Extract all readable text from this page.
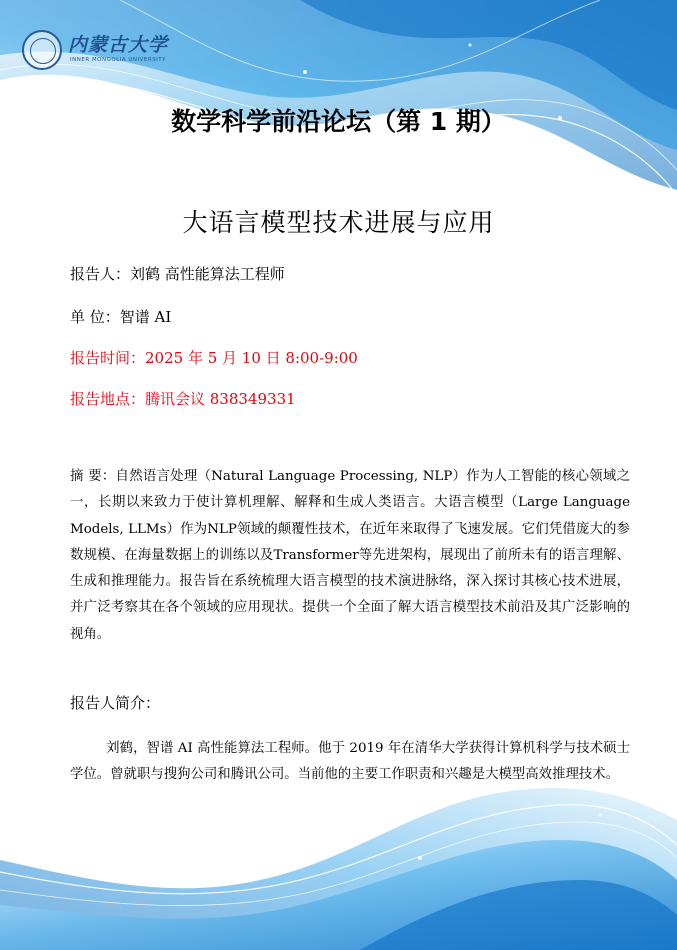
内蒙古大学
INNER MONGOLIA UNIVERSITY
数学科学前沿论坛（第 1 期）
大语言模型技术进展与应用
报告人：刘鹤 高性能算法工程师
单 位：智谱 AI
报告时间：2025 年 5 月 10 日 8:00-9:00
报告地点：腾讯会议 838349331
摘 要：自然语言处理（Natural Language Processing, NLP）作为人工智能的核心领域之一，长期以来致力于使计算机理解、解释和生成人类语言。大语言模型（Large Language Models, LLMs）作为NLP领域的颠覆性技术，在近年来取得了飞速发展。它们凭借庞大的参数规模、在海量数据上的训练以及Transformer等先进架构，展现出了前所未有的语言理解、生成和推理能力。报告旨在系统梳理大语言模型的技术演进脉络，深入探讨其核心技术进展，并广泛考察其在各个领域的应用现状。提供一个全面了解大语言模型技术前沿及其广泛影响的视角。
报告人简介：
刘鹤，智谱 AI 高性能算法工程师。他于 2019 年在清华大学获得计算机科学与技术硕士学位。曾就职与搜狗公司和腾讯公司。当前他的主要工作职责和兴趣是大模型高效推理技术。
